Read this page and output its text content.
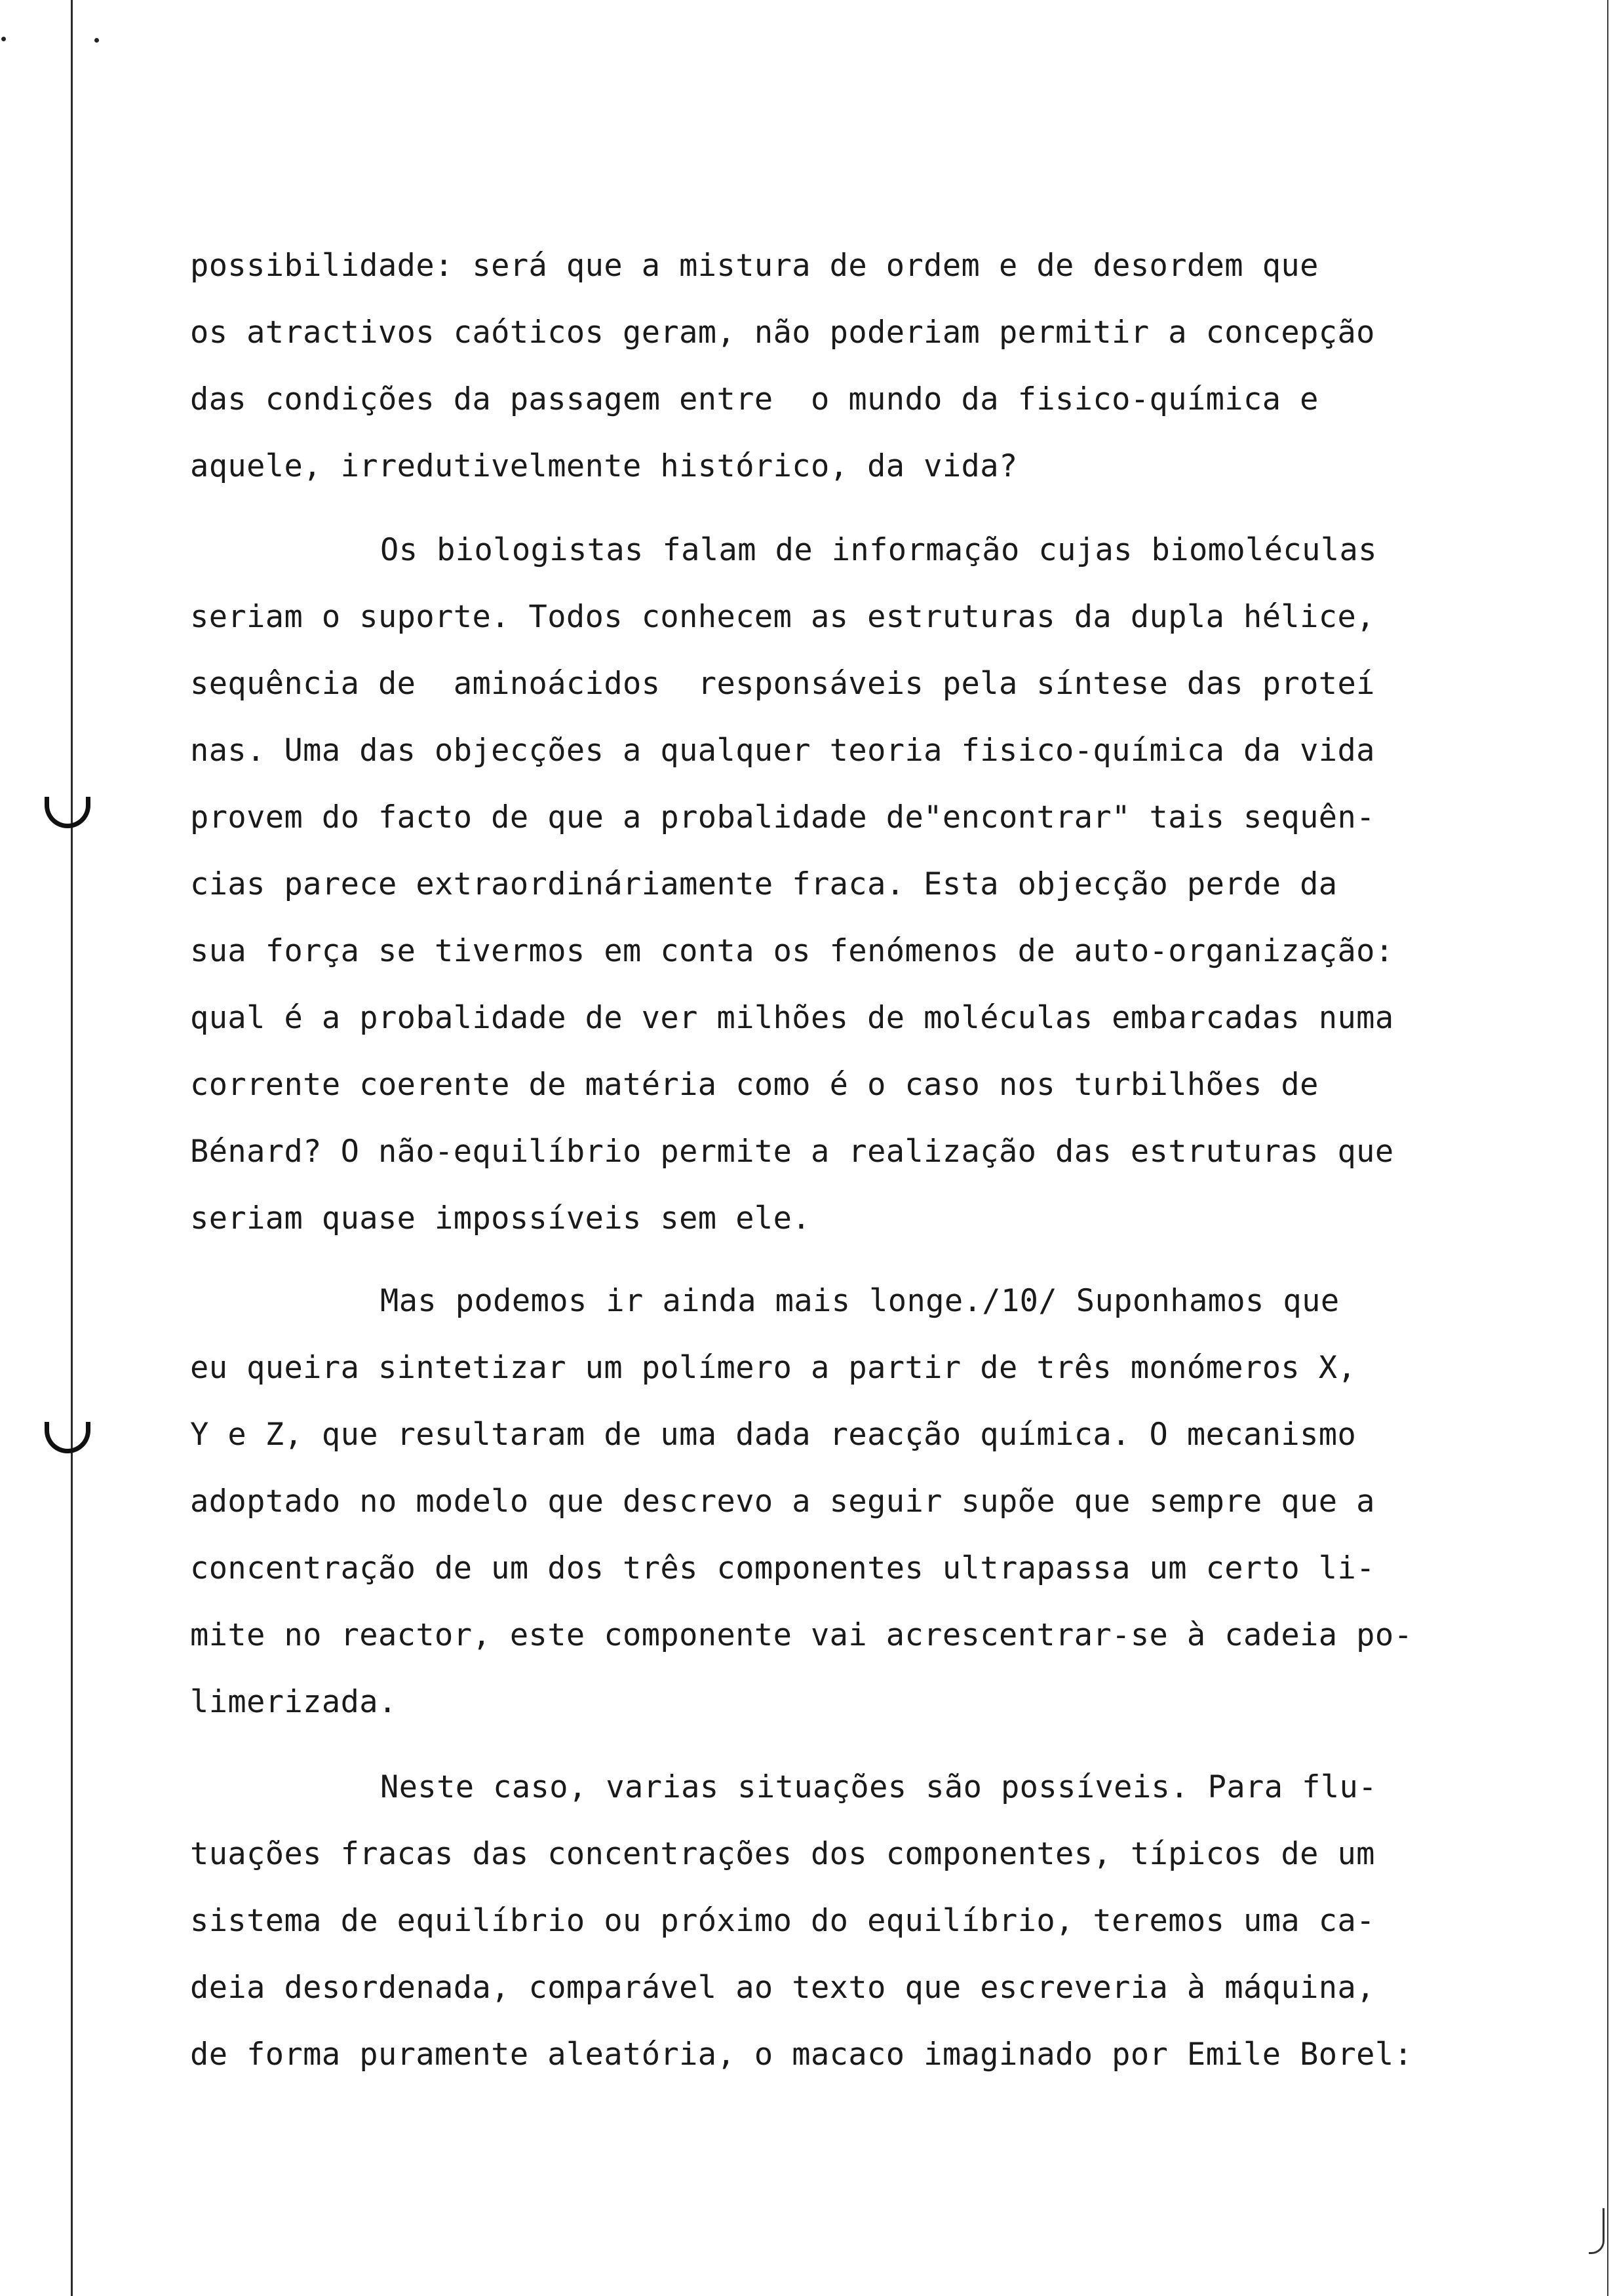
possibilidade: será que a mistura de ordem e de desordem que
os atractivos caóticos geram, não poderiam permitir a concepção
das condições da passagem entre  o mundo da fisico-química e
aquele, irredutivelmente histórico, da vida?
Os biologistas falam de informação cujas biomoléculas
seriam o suporte. Todos conhecem as estruturas da dupla hélice,
sequência de  aminoácidos  responsáveis pela síntese das proteí
nas. Uma das objecções a qualquer teoria fisico-química da vida
provem do facto de que a probalidade de"encontrar" tais sequên-
cias parece extraordináriamente fraca. Esta objecção perde da
sua força se tivermos em conta os fenómenos de auto-organização:
qual é a probalidade de ver milhões de moléculas embarcadas numa
corrente coerente de matéria como é o caso nos turbilhões de
Bénard? O não-equilíbrio permite a realização das estruturas que
seriam quase impossíveis sem ele.
Mas podemos ir ainda mais longe./10/ Suponhamos que
eu queira sintetizar um polímero a partir de três monómeros X,
Y e Z, que resultaram de uma dada reacção química. O mecanismo
adoptado no modelo que descrevo a seguir supõe que sempre que a
concentração de um dos três componentes ultrapassa um certo li-
mite no reactor, este componente vai acrescentrar-se à cadeia po-
limerizada.
Neste caso, varias situações são possíveis. Para flu-
tuações fracas das concentrações dos componentes, típicos de um
sistema de equilíbrio ou próximo do equilíbrio, teremos uma ca-
deia desordenada, comparável ao texto que escreveria à máquina,
de forma puramente aleatória, o macaco imaginado por Emile Borel:
